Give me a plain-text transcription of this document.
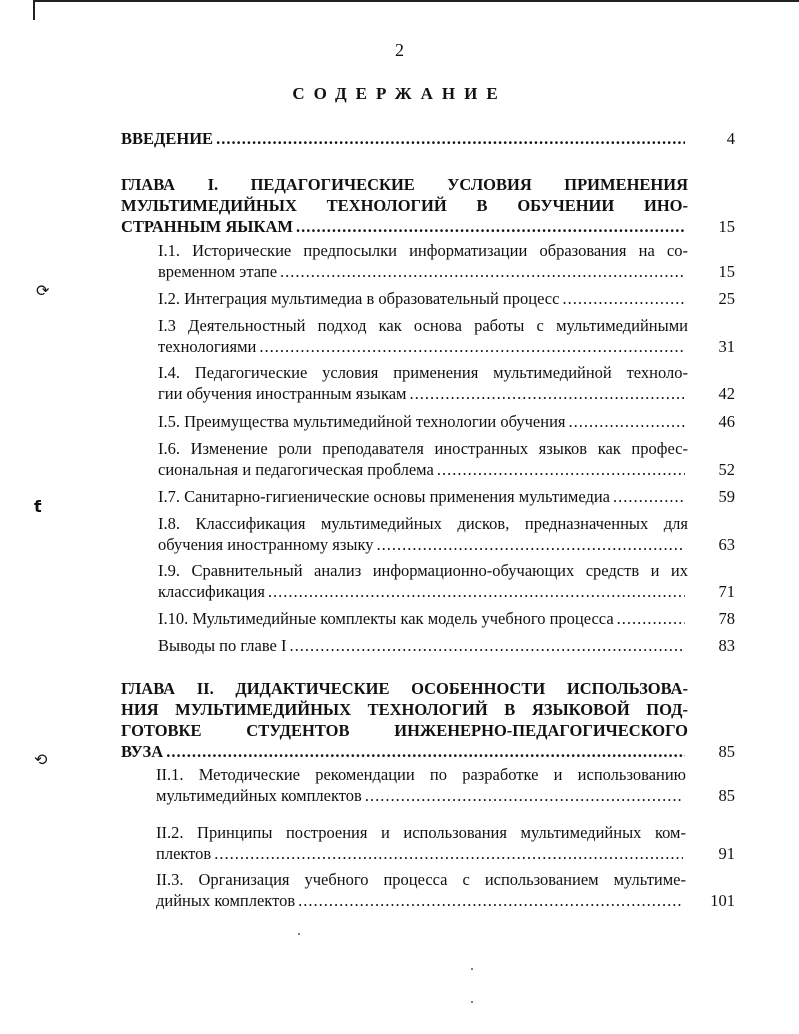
2
СОДЕРЖАНИЕ
ВВЕДЕНИЕ .....	4
ГЛАВА I. ПЕДАГОГИЧЕСКИЕ УСЛОВИЯ ПРИМЕНЕНИЯ
МУЛЬТИМЕДИЙНЫХ ТЕХНОЛОГИЙ В ОБУЧЕНИИ ИНО-
СТРАННЫМ ЯЫКАМ .....	15
I.1. Исторические предпосылки информатизации образования на со-
временном этапе .....	15
I.2. Интеграция мультимедиа в образовательный процесс .....	25
I.3 Деятельностный подход как основа работы с мультимедийными
технологиями .....	31
I.4. Педагогические условия применения мультимедийной техноло-
гии обучения иностранным языкам .....	42
I.5. Преимущества мультимедийной технологии обучения .....	46
I.6. Изменение роли преподавателя иностранных языков как профес-
сиональная и педагогическая проблема .....	52
I.7. Санитарно-гигиенические основы применения мультимедиа .....	59
I.8. Классификация мультимедийных дисков, предназначенных для
обучения иностранному языку .....	63
I.9. Сравнительный анализ информационно-обучающих средств и их
классификация .....	71
I.10. Мультимедийные комплекты как модель учебного процесса .....	78
Выводы по главе I .....	83
ГЛАВА II. ДИДАКТИЧЕСКИЕ ОСОБЕННОСТИ ИСПОЛЬЗОВА-
НИЯ МУЛЬТИМЕДИЙНЫХ ТЕХНОЛОГИЙ В ЯЗЫКОВОЙ ПОД-
ГОТОВКЕ СТУДЕНТОВ ИНЖЕНЕРНО-ПЕДАГОГИЧЕСКОГО
ВУЗА .....	85
II.1. Методические рекомендации по разработке и использованию
мультимедийных комплектов .....	85
II.2. Принципы построения и использования мультимедийных ком-
плектов .....	91
II.3. Организация учебного процесса с использованием мультиме-
дийных комплектов .....	101
⟳
ƭ
⟲
